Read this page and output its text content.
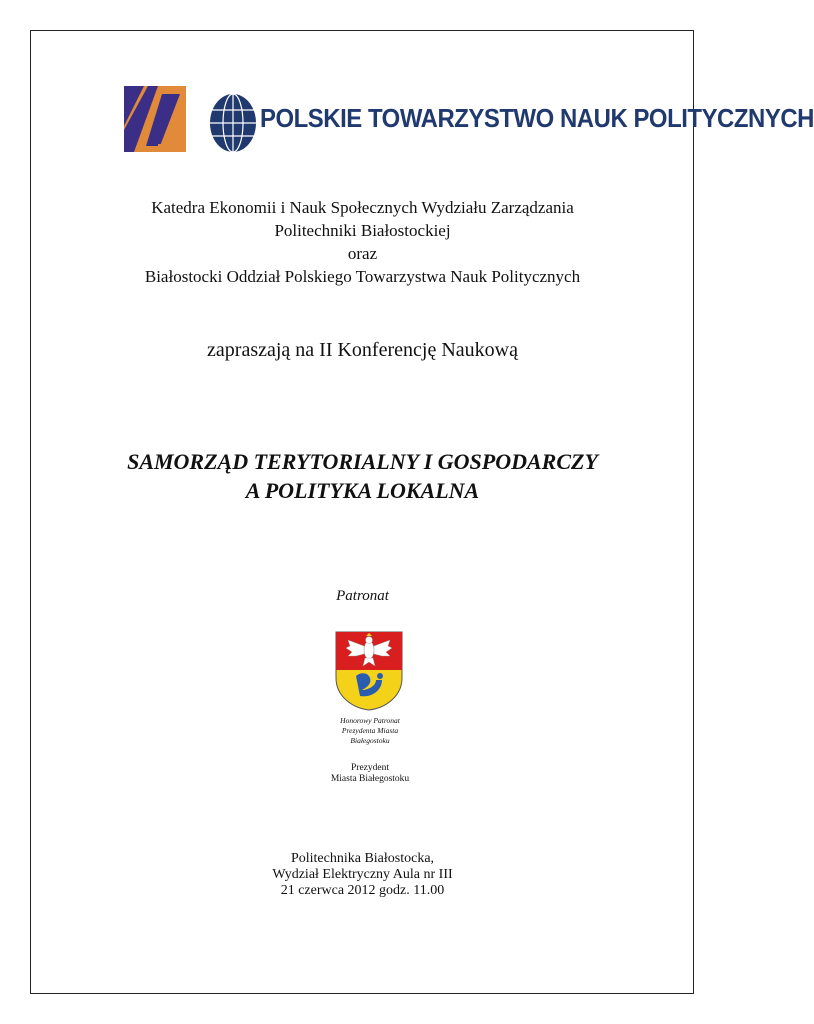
POLSKIE TOWARZYSTWO NAUK POLITYCZNYCH
Katedra Ekonomii i Nauk Społecznych Wydziału Zarządzania
Politechniki Białostockiej
oraz
Białostocki Oddział Polskiego Towarzystwa Nauk Politycznych
zapraszają na II Konferencję Naukową
SAMORZĄD TERYTORIALNY I GOSPODARCZY
A POLITYKA LOKALNA
Patronat
Honorowy Patronat
Prezydenta Miasta
Białegostoku
Prezydent
Miasta Białegostoku
Politechnika Białostocka,
Wydział Elektryczny Aula nr III
21 czerwca 2012 godz. 11.00
